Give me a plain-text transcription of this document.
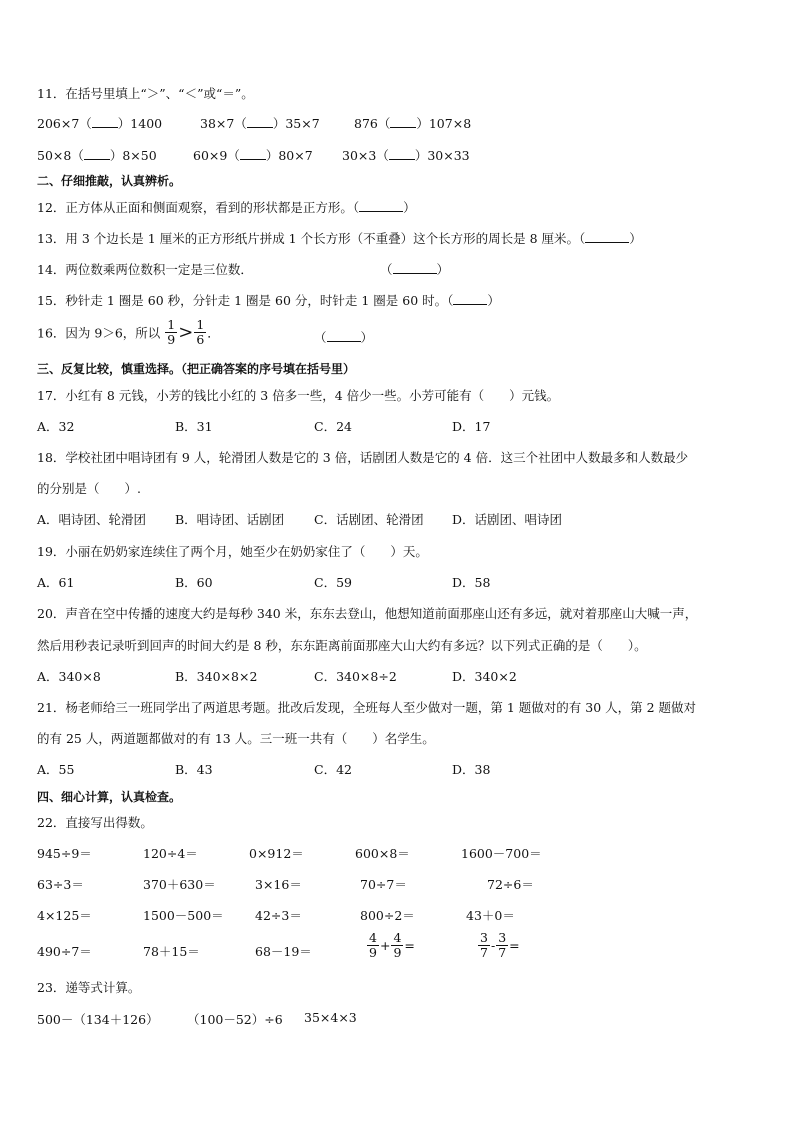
11．在括号里填上“＞”、“＜”或“＝”。
206×7（ ）1400	38×7（ ）35×7	876（ ）107×8
50×8（ ）8×50	60×9（ ）80×7 30×3（ ）30×33
二、仔细推敲，认真辨析。
12．正方体从正面和侧面观察，看到的形状都是正方形。（	）
13．用 3 个边长是 1 厘米的正方形纸片拼成 1 个长方形（不重叠）这个长方形的周长是 8 厘米。（	）
14．两位数乘两位数积一定是三位数．	（	）
15．秒针走 1 圈是 60 秒，分针走 1 圈是 60 分，时针走 1 圈是 60 时。（	）
16．因为 9＞6，所以 $\frac{1}{9} > \frac{1}{6}$ ．	（	）
三、反复比较，慎重选择。（把正确答案的序号填在括号里）
17．小红有 8 元钱，小芳的钱比小红的 3 倍多一些，4 倍少一些。小芳可能有（　　）元钱。
A．32	B．31	C．24	D．17
18．学校社团中唱诗团有 9 人，轮滑团人数是它的 3 倍，话剧团人数是它的 4 倍．这三个社团中人数最多和人数最少
的分别是（　　）.
A．唱诗团、轮滑团 B．唱诗团、话剧团 C．话剧团、轮滑团 D．话剧团、唱诗团
19．小丽在奶奶家连续住了两个月，她至少在奶奶家住了（　　）天。
A．61	B．60	C．59	D．58
20．声音在空中传播的速度大约是每秒 340 米，东东去登山，他想知道前面那座山还有多远，就对着那座山大喊一声，
然后用秒表记录听到回声的时间大约是 8 秒，东东距离前面那座大山大约有多远？以下列式正确的是（　　）。
A．340×8	B．340×8×2	C．340×8÷2	D．340×2
21．杨老师给三一班同学出了两道思考题。批改后发现，全班每人至少做对一题，第 1 题做对的有 30 人，第 2 题做对
的有 25 人，两道题都做对的有 13 人。三一班一共有（　　）名学生。
A．55	B．43	C．42	D．38
四、细心计算，认真检查。
22．直接写出得数。
945÷9＝	120÷4＝	0×912＝	600×8＝	1600－700＝
63÷3＝	370＋630＝	3×16＝	70÷7＝	72÷6＝
4×125＝	1500－500＝	42÷3＝	800÷2＝	43＋0＝
490÷7＝	78＋15＝	68－19＝	$\frac{4}{9} + \frac{4}{9}$ =	$\frac{3}{7} - \frac{3}{7}$ =
23．递等式计算。
500－（134＋126） （100－52）÷6 35×4×3
